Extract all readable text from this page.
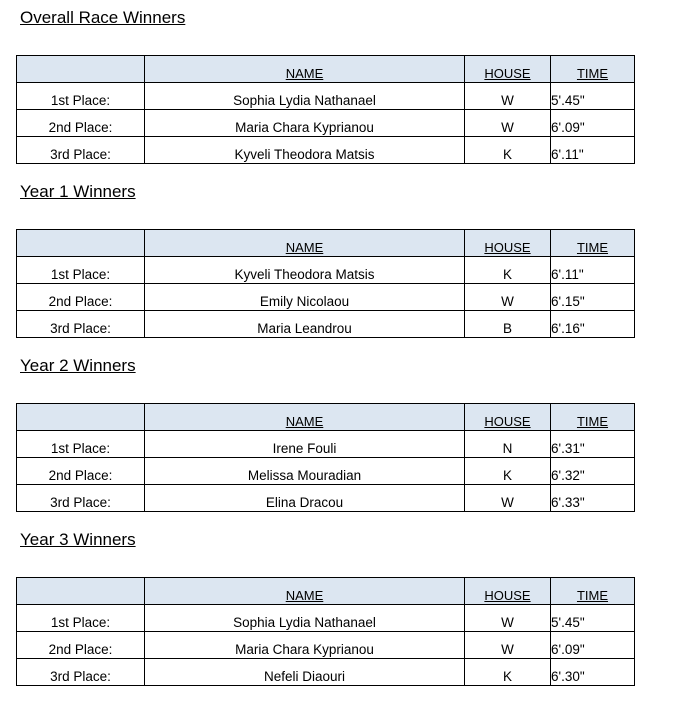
Overall Race Winners
	NAME	HOUSE	TIME
1st Place:	Sophia Lydia Nathanael	W	5'.45"
2nd Place:	Maria Chara Kyprianou	W	6'.09"
3rd Place:	Kyveli Theodora Matsis	K	6'.11"
Year 1 Winners
	NAME	HOUSE	TIME
1st Place:	Kyveli Theodora Matsis	K	6'.11"
2nd Place:	Emily Nicolaou	W	6'.15"
3rd Place:	Maria Leandrou	B	6'.16"
Year 2 Winners
	NAME	HOUSE	TIME
1st Place:	Irene Fouli	N	6'.31"
2nd Place:	Melissa Mouradian	K	6'.32"
3rd Place:	Elina Dracou	W	6'.33"
Year 3 Winners
	NAME	HOUSE	TIME
1st Place:	Sophia Lydia Nathanael	W	5'.45"
2nd Place:	Maria Chara Kyprianou	W	6'.09"
3rd Place:	Nefeli Diaouri	K	6'.30"
